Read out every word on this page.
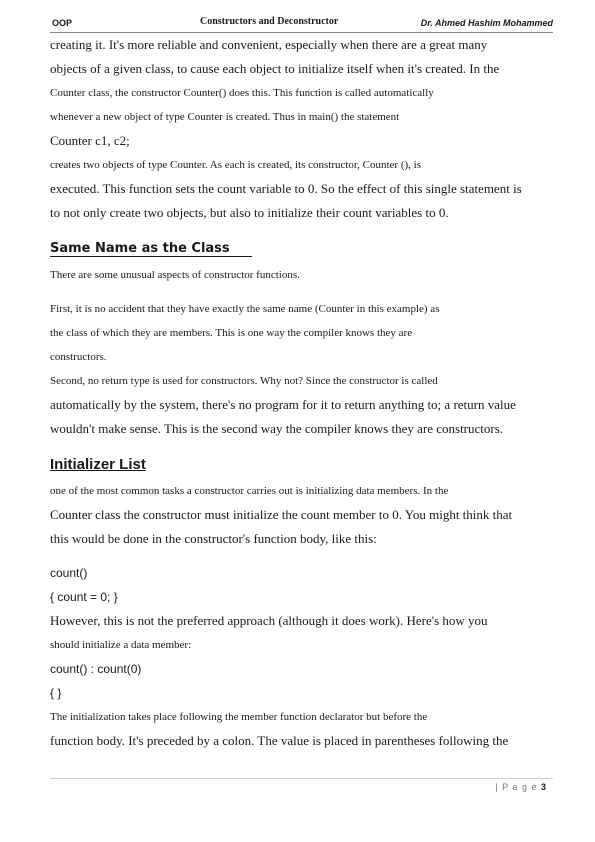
OOP	Constructors and Deconstructor	Dr. Ahmed Hashim Mohammed
creating it. It's more reliable and convenient, especially when there are a great many
objects of a given class, to cause each object to initialize itself when it's created. In the
Counter class, the constructor Counter() does this. This function is called automatically
whenever a new object of type Counter is created. Thus in main() the statement
Counter c1, c2;
creates two objects of type Counter. As each is created, its constructor, Counter (), is
executed. This function sets the count variable to 0. So the effect of this single statement is
to not only create two objects, but also to initialize their count variables to 0.
Same Name as the Class
There are some unusual aspects of constructor functions.
First, it is no accident that they have exactly the same name (Counter in this example) as
the class of which they are members. This is one way the compiler knows they are
constructors.
Second, no return type is used for constructors. Why not? Since the constructor is called
automatically by the system, there's no program for it to return anything to; a return value
wouldn't make sense. This is the second way the compiler knows they are constructors.
Initializer List
one of the most common tasks a constructor carries out is initializing data members. In the
Counter class the constructor must initialize the count member to 0. You might think that
this would be done in the constructor's function body, like this:
count()
{ count = 0; }
However, this is not the preferred approach (although it does work). Here's how you
should initialize a data member:
count() : count(0)
{ }
The initialization takes place following the member function declarator but before the
function body. It's preceded by a colon. The value is placed in parentheses following the
| P a g e 3
